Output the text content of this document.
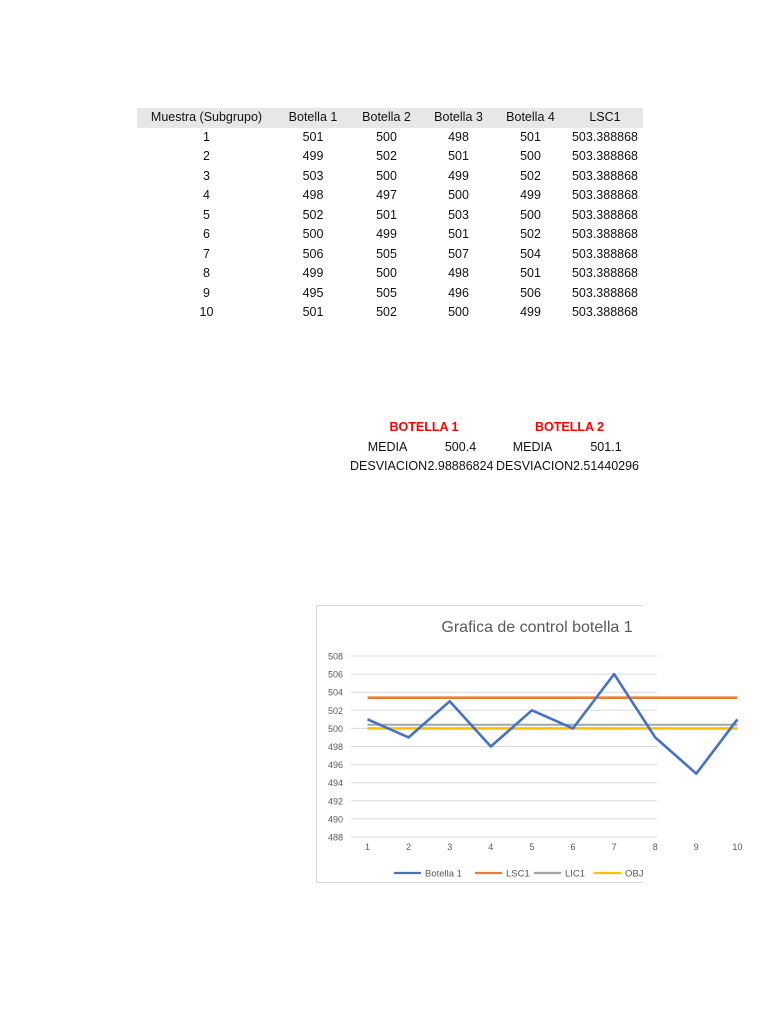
Muestra (Subgrupo)	Botella 1	Botella 2	Botella 3	Botella 4	LSC1
1	501	500	498	501	503.388868
2	499	502	501	500	503.388868
3	503	500	499	502	503.388868
4	498	497	500	499	503.388868
5	502	501	503	500	503.388868
6	500	499	501	502	503.388868
7	506	505	507	504	503.388868
8	499	500	498	501	503.388868
9	495	505	496	506	503.388868
10	501	502	500	499	503.388868
BOTELLA 1	BOTELLA 2
MEDIA	500.4	MEDIA	501.1
DESVIACION 2.98886824 DESVIACION 2.51440296
Grafica de control botella 1
508
506
504
502
500
498
496
494
492
490
488
1	2	3	4	5	6	7	8	9	10
Botella 1	LSC1	LIC1	OBJ
